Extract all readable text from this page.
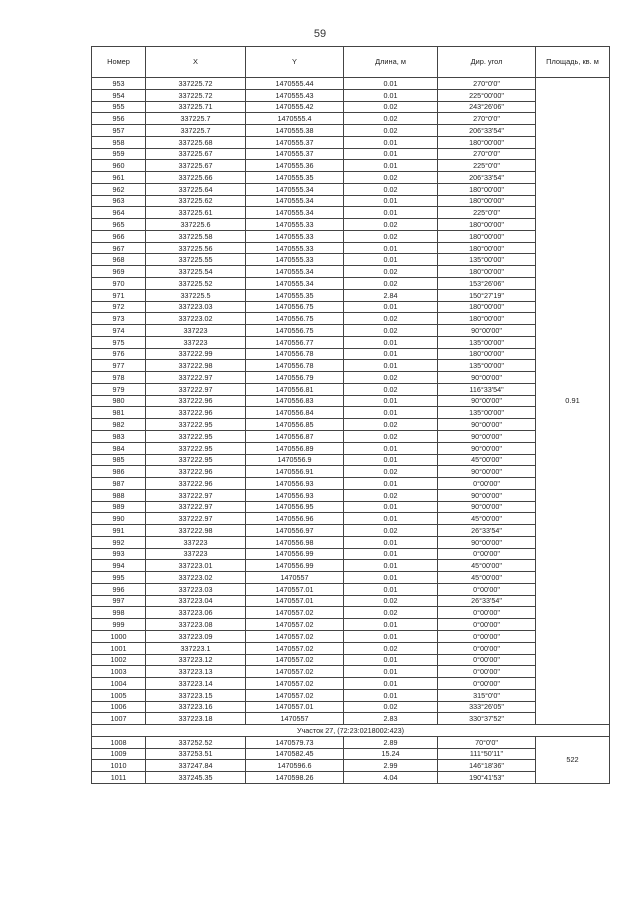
59
Номер	X	Y	Длина, м	Дир. угол	Площадь, кв. м
953	337225.72	1470555.44	0.01	270°0'0"	0.91
954	337225.72	1470555.43	0.01	225°00'00"	
955	337225.71	1470555.42	0.02	243°26'06"	
956	337225.7	1470555.4	0.02	270°0'0"	
957	337225.7	1470555.38	0.02	206°33'54"	
958	337225.68	1470555.37	0.01	180°00'00"	
959	337225.67	1470555.37	0.01	270°0'0"	
960	337225.67	1470555.36	0.01	225°0'0"	
961	337225.66	1470555.35	0.02	206°33'54"	
962	337225.64	1470555.34	0.02	180°00'00"	
963	337225.62	1470555.34	0.01	180°00'00"	
964	337225.61	1470555.34	0.01	225°0'0"	
965	337225.6	1470555.33	0.02	180°00'00"	
966	337225.58	1470555.33	0.02	180°00'00"	
967	337225.56	1470555.33	0.01	180°00'00"	
968	337225.55	1470555.33	0.01	135°00'00"	
969	337225.54	1470555.34	0.02	180°00'00"	
970	337225.52	1470555.34	0.02	153°26'06"	
971	337225.5	1470555.35	2.84	150°27'19"	
972	337223.03	1470556.75	0.01	180°00'00"	
973	337223.02	1470556.75	0.02	180°00'00"	
974	337223	1470556.75	0.02	90°00'00"	
975	337223	1470556.77	0.01	135°00'00"	
976	337222.99	1470556.78	0.01	180°00'00"	
977	337222.98	1470556.78	0.01	135°00'00"	
978	337222.97	1470556.79	0.02	90°00'00"	
979	337222.97	1470556.81	0.02	116°33'54"	
980	337222.96	1470556.83	0.01	90°00'00"	
981	337222.96	1470556.84	0.01	135°00'00"	
982	337222.95	1470556.85	0.02	90°00'00"	
983	337222.95	1470556.87	0.02	90°00'00"	
984	337222.95	1470556.89	0.01	90°00'00"	
985	337222.95	1470556.9	0.01	45°00'00"	
986	337222.96	1470556.91	0.02	90°00'00"	
987	337222.96	1470556.93	0.01	0°00'00"	
988	337222.97	1470556.93	0.02	90°00'00"	
989	337222.97	1470556.95	0.01	90°00'00"	
990	337222.97	1470556.96	0.01	45°00'00"	
991	337222.98	1470556.97	0.02	26°33'54"	
992	337223	1470556.98	0.01	90°00'00"	
993	337223	1470556.99	0.01	0°00'00"	
994	337223.01	1470556.99	0.01	45°00'00"	
995	337223.02	1470557	0.01	45°00'00"	
996	337223.03	1470557.01	0.01	0°00'00"	
997	337223.04	1470557.01	0.02	26°33'54"	
998	337223.06	1470557.02	0.02	0°00'00"	
999	337223.08	1470557.02	0.01	0°00'00"	
1000	337223.09	1470557.02	0.01	0°00'00"	
1001	337223.1	1470557.02	0.02	0°00'00"	
1002	337223.12	1470557.02	0.01	0°00'00"	
1003	337223.13	1470557.02	0.01	0°00'00"	
1004	337223.14	1470557.02	0.01	0°00'00"	
1005	337223.15	1470557.02	0.01	315°0'0"	
1006	337223.16	1470557.01	0.02	333°26'05"	
1007	337223.18	1470557	2.83	330°37'52"	
Участок 27, (72:23:0218002:423)					
1008	337252.52	1470579.73	2.89	70°0'0"	522
1009	337253.51	1470582.45	15.24	111°50'11"	
1010	337247.84	1470596.6	2.99	146°18'36"	
1011	337245.35	1470598.26	4.04	190°41'53"	
